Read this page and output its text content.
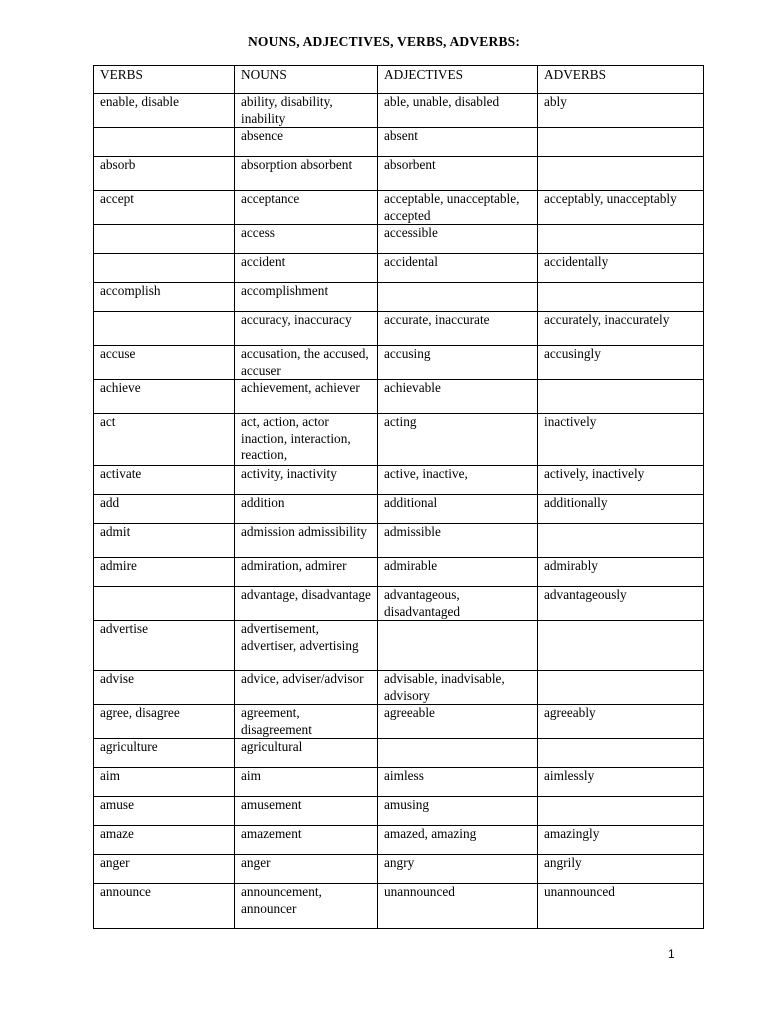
NOUNS, ADJECTIVES, VERBS, ADVERBS:
VERBS	NOUNS	ADJECTIVES	ADVERBS
enable, disable	ability, disability, inability	able, unable, disabled	ably
	absence	absent	
absorb	absorption absorbent	absorbent	
accept	acceptance	acceptable, unacceptable, accepted	acceptably, unacceptably
	access	accessible	
	accident	accidental	accidentally
accomplish	accomplishment		
	accuracy, inaccuracy	accurate, inaccurate	accurately, inaccurately
accuse	accusation, the accused, accuser	accusing	accusingly
achieve	achievement, achiever	achievable	
act	act, action, actor inaction, interaction, reaction,	acting	inactively
activate	activity, inactivity	active, inactive,	actively, inactively
add	addition	additional	additionally
admit	admission admissibility	admissible	
admire	admiration, admirer	admirable	admirably
	advantage, disadvantage	advantageous, disadvantaged	advantageously
advertise	advertisement, advertiser, advertising		
advise	advice, adviser/advisor	advisable, inadvisable, advisory	
agree, disagree	agreement, disagreement	agreeable	agreeably
agriculture	agricultural		
aim	aim	aimless	aimlessly
amuse	amusement	amusing	
amaze	amazement	amazed, amazing	amazingly
anger	anger	angry	angrily
announce	announcement, announcer	unannounced	unannounced
1
